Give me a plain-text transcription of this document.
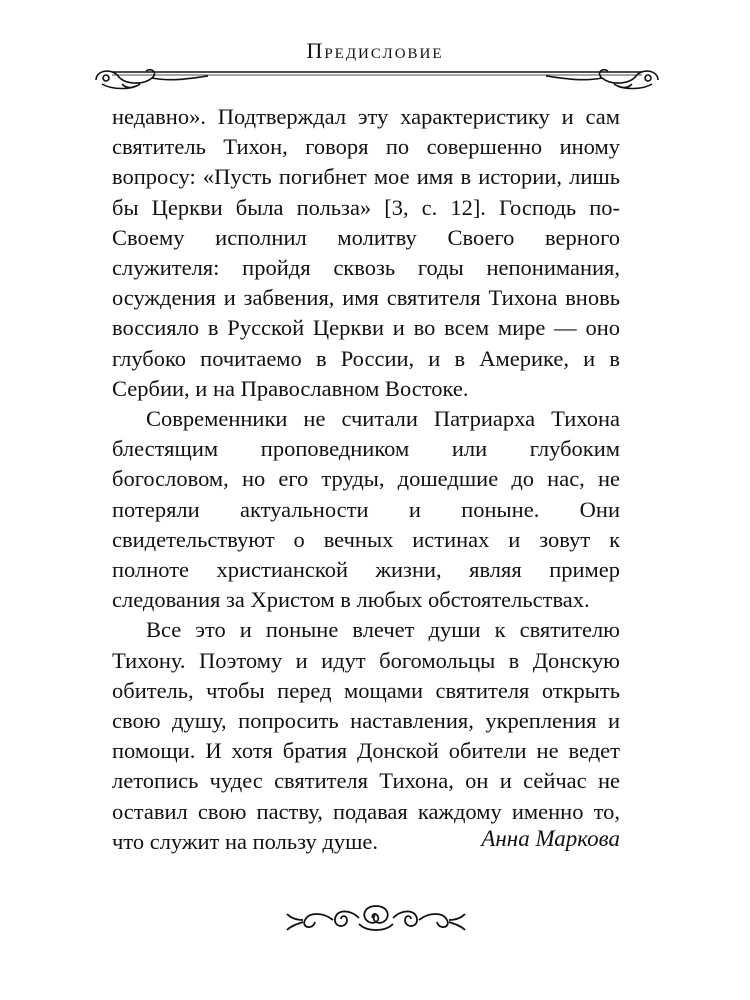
Предисловие

недавно». Подтверждал эту характеристику и сам святитель Тихон, говоря по совершенно иному вопросу: «Пусть погибнет мое имя в истории, лишь бы Церкви была польза» [3, с. 12]. Господь по-Своему исполнил молитву Своего верного служителя: пройдя сквозь годы непонимания, осуждения и забвения, имя святителя Тихона вновь воссияло в Русской Церкви и во всем мире — оно глубоко почитаемо в России, и в Америке, и в Сербии, и на Православном Востоке.

Современники не считали Патриарха Тихона блестящим проповедником или глубоким богословом, но его труды, дошедшие до нас, не потеряли актуальности и поныне. Они свидетельствуют о вечных истинах и зовут к полноте христианской жизни, являя пример следования за Христом в любых обстоятельствах.

Все это и поныне влечет души к святителю Тихону. Поэтому и идут богомольцы в Донскую обитель, чтобы перед мощами святителя открыть свою душу, попросить наставления, укрепления и помощи. И хотя братия Донской обители не ведет летопись чудес святителя Тихона, он и сейчас не оставил свою паству, подавая каждому именно то, что служит на пользу душе.	Анна Маркова
